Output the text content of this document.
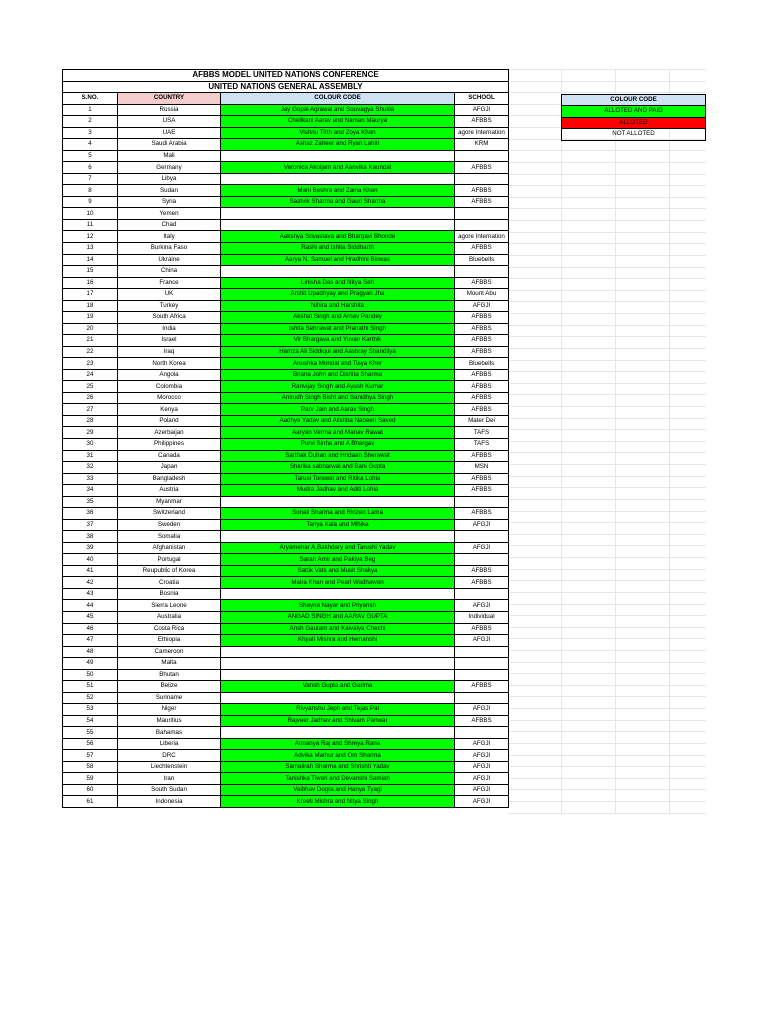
AFBBS MODEL UNITED NATIONS CONFERENCE			
UNITED NATIONS GENERAL ASSEMBLY			
S.NO.	COUNTRY	COLOUR CODE	SCHOOL
1	Russia	Jay Gopal Agrawal and Souvagya Shukla	AFGJI
2	USA	Chelikani Aarav and Naman Maurya	AFBBS
3	UAE	Vishnu Tirth and Zoya Khan	agore Internation
4	Saudi Arabia	Ashaz Zaheer and Ryan Lahiri	KRM
5	Mali		
6	Germany	Veronica Akoijam and Aanvika Kaundal	AFBBS
7	Libya		
8	Sudan	Mani Beshra and Zaina Khan	AFBBS
9	Syria	Saatvik Sharma and Gauri Sharma	AFBBS
10	Yemen		
11	Chad		
12	Italy	Aakshya Srivastava and Bhargavi Bhonde	agore Internation
13	Burkina Faso	Rashi and Ishita Siddharth	AFBBS
14	Ukraine	Aarya N. Samuel and Hradhini Biswas	Bluebells
15	China		
16	France	Linisha Das and Nitya Sah	AFBBS
17	UK	Archit Upadhyay and Pragyan Jha	Mount Abu
18	Turkey	Nihira and Harshita	AFGJI
19	South Africa	Akshat Singh and Arnav Pandey	AFBBS
20	India	Ishita Sehrawat and Pranathi Singh	AFBBS
21	Israel	Vir Bhargava and Yuvan Karthik	AFBBS
22	Iraq	Hamza Ali Siddiqui and Aashray Shandilya	AFBBS
23	North Korea	Anushka Mondal and Tisya Kher	Bluebells
24	Angola	Briana John and Dishita Sharma	AFBBS
25	Colombia	Ranvijay Singh and Ayush Kumar	AFBBS
26	Morocco	Anirudh Singh Bisht and Sanidhya Singh	AFBBS
27	Kenya	Parv Jain and Aarav Singh	AFBBS
28	Poland	Aadhya Yadav and Alishba Nabeen Saved	Mater Dei
29	Azerbaijan	Aaryan Verma and Manav Rawat	TAFS
30	Philippines	Purvi Sinha and A Bhargav	TAFS
31	Canada	Sarthak Duhan and Hridaan Sherawat	AFBBS
32	Japan	Sharika sabharwal and Bani Gupta	MSN
33	Bangladesh	Tarusi Torawat and Ritika Lohia	AFBBS
34	Austria	Mudra Jadhav and Aditi Lohia	AFBBS
35	Myanmar		
36	Switzerland	Sonali Sharma and Rinzen Lama	AFBBS
37	Sweden	Tanya Kala and Mihika	AFGJI
38	Somalia		
39	Afghanistan	Aryamehar A.Bakhdary and Tarushi Yadav	AFGJI
40	Portugal	Sarah Amir and Pakiya Beg	
41	Reupublic of Korea	Sattik Vats and Musit Shakya	AFBBS
42	Croatia	Maira Khan and Pearl Wadhawan	AFBBS
43	Bosnia		
44	Sierra Leone	Shayna Nayar and Priyansh	AFGJI
45	Australia	ANGAD SINGH and AARAV GUPTA	Individual
46	Costa Rica	Ansh Gautam and Kaivalya Chechi	AFBBS
47	Ethiopia	Khyati Mishra and Hemanshi	AFGJI
48	Cameroon		
49	Malta		
50	Bhutan		
51	Belize	Vansh Gupta and Garima	AFBBS
52	Suriname		
53	Niger	Rivyanshu Jeph and Tejas Pal	AFGJI
54	Mauritius	Rajveer Jadhav and Shivam Panwar	AFBBS
55	Bahamas		
56	Liberia	Annanya Raj and Shreya Rana	AFGJI
57	DRC	Advika Mathur and Om Sharma	AFGJI
58	Liechtenstein	Samaiirah Sharma and Shrishti Yadav	AFGJI
59	Iran	Tanishka Tiwari and Devanshi Samiah	AFGJI
60	South Sudan	Vaibhav Dogra and Hanya Tyagi	AFGJI
61	Indonesia	Kreeti Mishra and Nitya Singh	AFGJI
COLOUR CODE
ALLOTED AND PAID
ALLOTED
NOT ALLOTED
